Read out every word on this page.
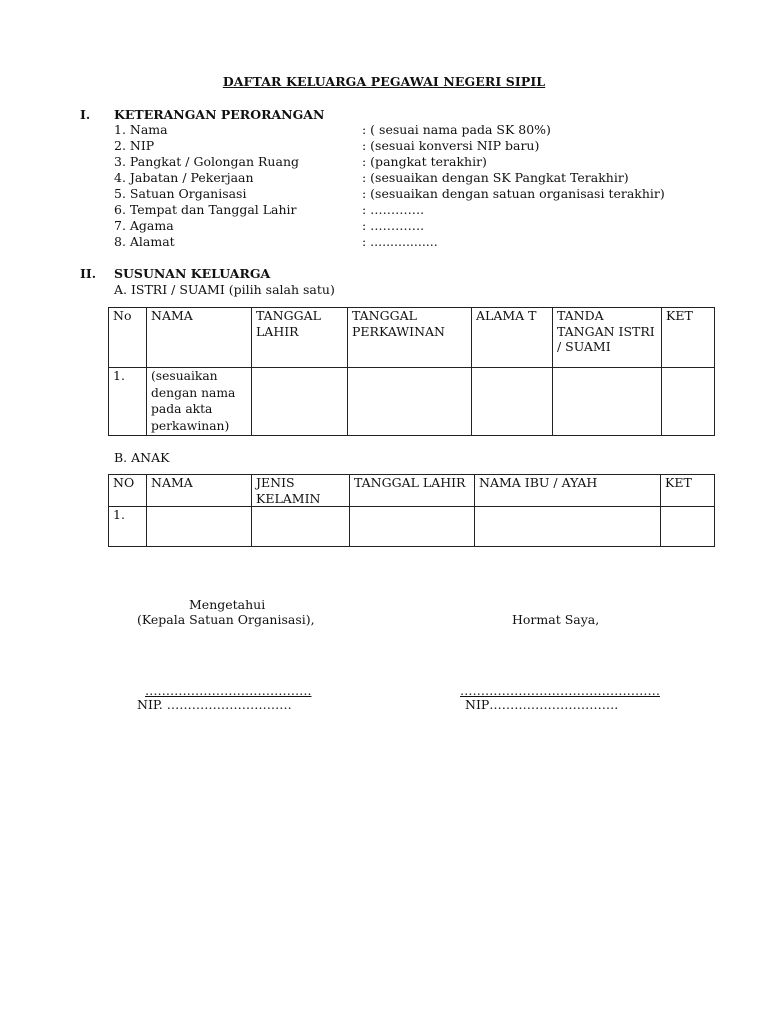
DAFTAR KELUARGA PEGAWAI NEGERI SIPIL
I. KETERANGAN PERORANGAN
1. Nama	: ( sesuai nama pada SK 80%)
2. NIP	: (sesuai konversi NIP baru)
3. Pangkat / Golongan Ruang	: (pangkat terakhir)
4. Jabatan / Pekerjaan	: (sesuaikan dengan SK Pangkat Terakhir)
5. Satuan Organisasi	: (sesuaikan dengan satuan organisasi terakhir)
6. Tempat dan Tanggal Lahir	: ………….
7. Agama	: ………….
8. Alamat	: .................
II. SUSUNAN KELUARGA
A. ISTRI / SUAMI (pilih salah satu)
No	NAMA	TANGGAL LAHIR	TANGGAL PERKAWINAN	ALAMA T	TANDA TANGAN ISTRI / SUAMI	KET
1.	(sesuaikan dengan nama pada akta perkawinan)					
B. ANAK
NO	NAMA	JENIS KELAMIN	TANGGAL LAHIR	NAMA IBU / AYAH	KET
1.					
Mengetahui
(Kepala Satuan Organisasi),
………………………………….
NIP. …………………………
Hormat Saya,
…………………………………………
NIP………………………….
